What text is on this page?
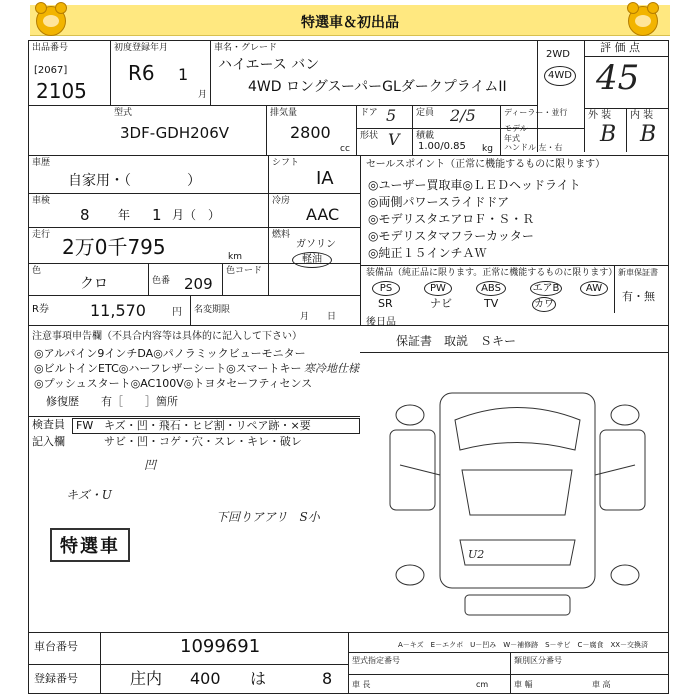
特選車＆初出品
出品番号
[2067]
2105
初度登録年月
R6 1
月
車名・グレード
ハイエース バン
4WD ロングスーパーGLダークプライムII
2WD
4WD
評 価 点
45
型式
3DF-GDH206V
排気量
2800
cc
ドア 5 定員 2/5	ディーラー・並行
形状 V 積載
1.00/0.85 kg
モデル年式
ハンドル 左・右
外 装 内 装
B B
車歴
自家用・（　　　　）
シフト
IA
車検
8 年 1 月（　）
冷房
AAC
走行 2万0千795	km
燃料
ガソリン
軽油
色
クロ	色番 209
色コード
R券	11,570	円 名変期限
月　　日
セールスポイント（正常に機能するものに限ります）
◎ユーザー買取車◎ＬＥＤヘッドライト
◎両側パワースライドドア
◎モデリスタエアロＦ・Ｓ・Ｒ
◎モデリスタマフラーカッター
◎純正１５インチＡＷ
装備品（純正品に限ります。正常に機能するものに限ります）
PS	PW	ABS	エアB	AW
SR	ナビ	TV	カワ
新車保証書
有・無
後日品
保証書　取説　Ｓキー
注意事項申告欄（不具合内容等は具体的に記入して下さい）
◎アルパイン9インチDA◎パノラミックビューモニター
◎ビルトインETC◎ハーフレザーシート◎スマートキー
◎プッシュスタート◎AC100V◎トヨタセーフティセンス
寒冷地仕様
修復歴　　有［　　］箇所
検査員 FW キズ・凹・飛石・ヒビ割・リペア跡・×要
記入欄	サビ・凹・コゲ・穴・スレ・キレ・破レ
キズ・U
下回りアアリ　S小
凹
特選車	U2
車台番号	1099691
登録番号	庄内 400 は	8
A－キズ　E－エクボ　U－凹み　W－補修跡　S－サビ　C－腐食　XX－交換済
型式指定番号	類別区分番号
車 長	cm	車 幅	車 高
